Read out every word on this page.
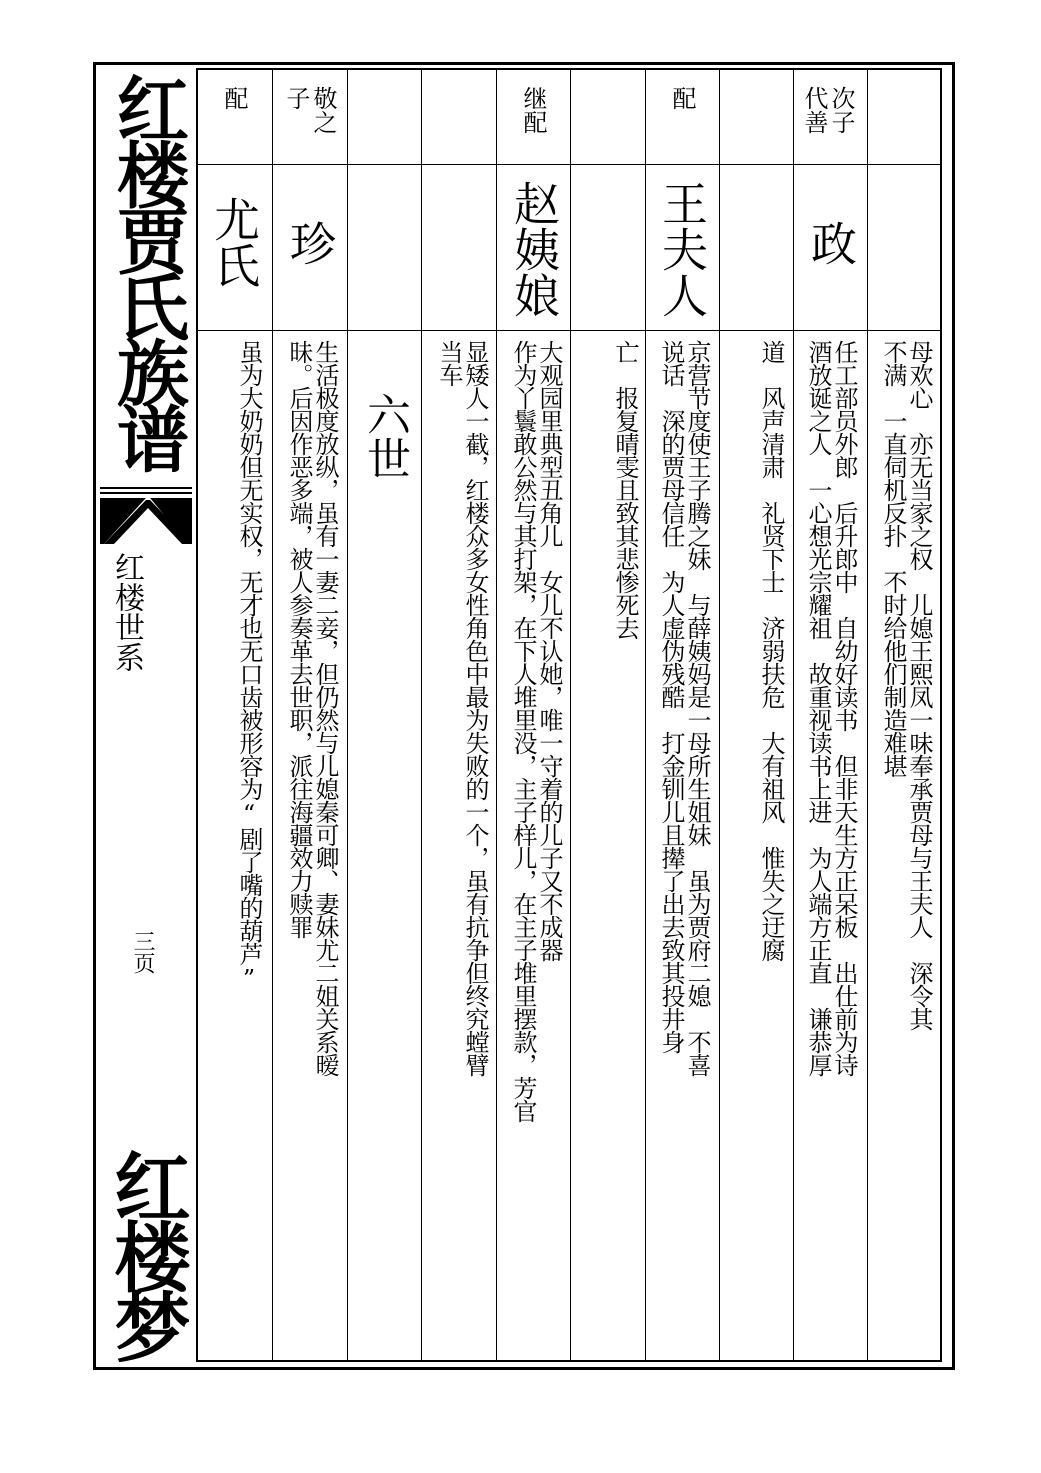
红楼贾氏族谱
红楼世系
三页
红楼梦
母欢心　亦无当家之权　儿媳王熙凤一味奉承贾母与王夫人　深令其
不满　一直伺机反扑　不时给他们制造难堪
次子
代善
政
任工部员外郎　后升郎中　自幼好读书　但非天生方正呆板　出仕前为诗
酒放诞之人　一心想光宗耀祖　故重视读书上进　为人端方正直　谦恭厚
道　风声清肃　礼贤下士　济弱扶危　大有祖风　惟失之迂腐
配
王夫人
京营节度使王子腾之妹　与薛姨妈是一母所生姐妹　虽为贾府二媳　不喜
说话　深的贾母信任　为人虚伪残酷　打金钏儿且撵了出去致其投井身
亡　报复晴雯且致其悲惨死去
继配
赵姨娘
大观园里典型丑角儿　女儿不认她，唯一守着的儿子又不成器
作为丫鬟敢公然与其打架，在下人堆里没，主子样儿，在主子堆里摆款，芳官
显矮人一截，红楼众多女性角色中最为失败的一个，虽有抗争但终究螳臂
当车
六世
敬之
子
珍
生活极度放纵，虽有一妻二妾，但仍然与儿媳秦可卿、妻妹尤二姐关系暧
昧。后因作恶多端，被人参奏革去世职，派往海疆效力赎罪
配
尤氏
虽为大奶奶但无实权，无才也无口齿被形容为“剧了嘴的葫芦”
